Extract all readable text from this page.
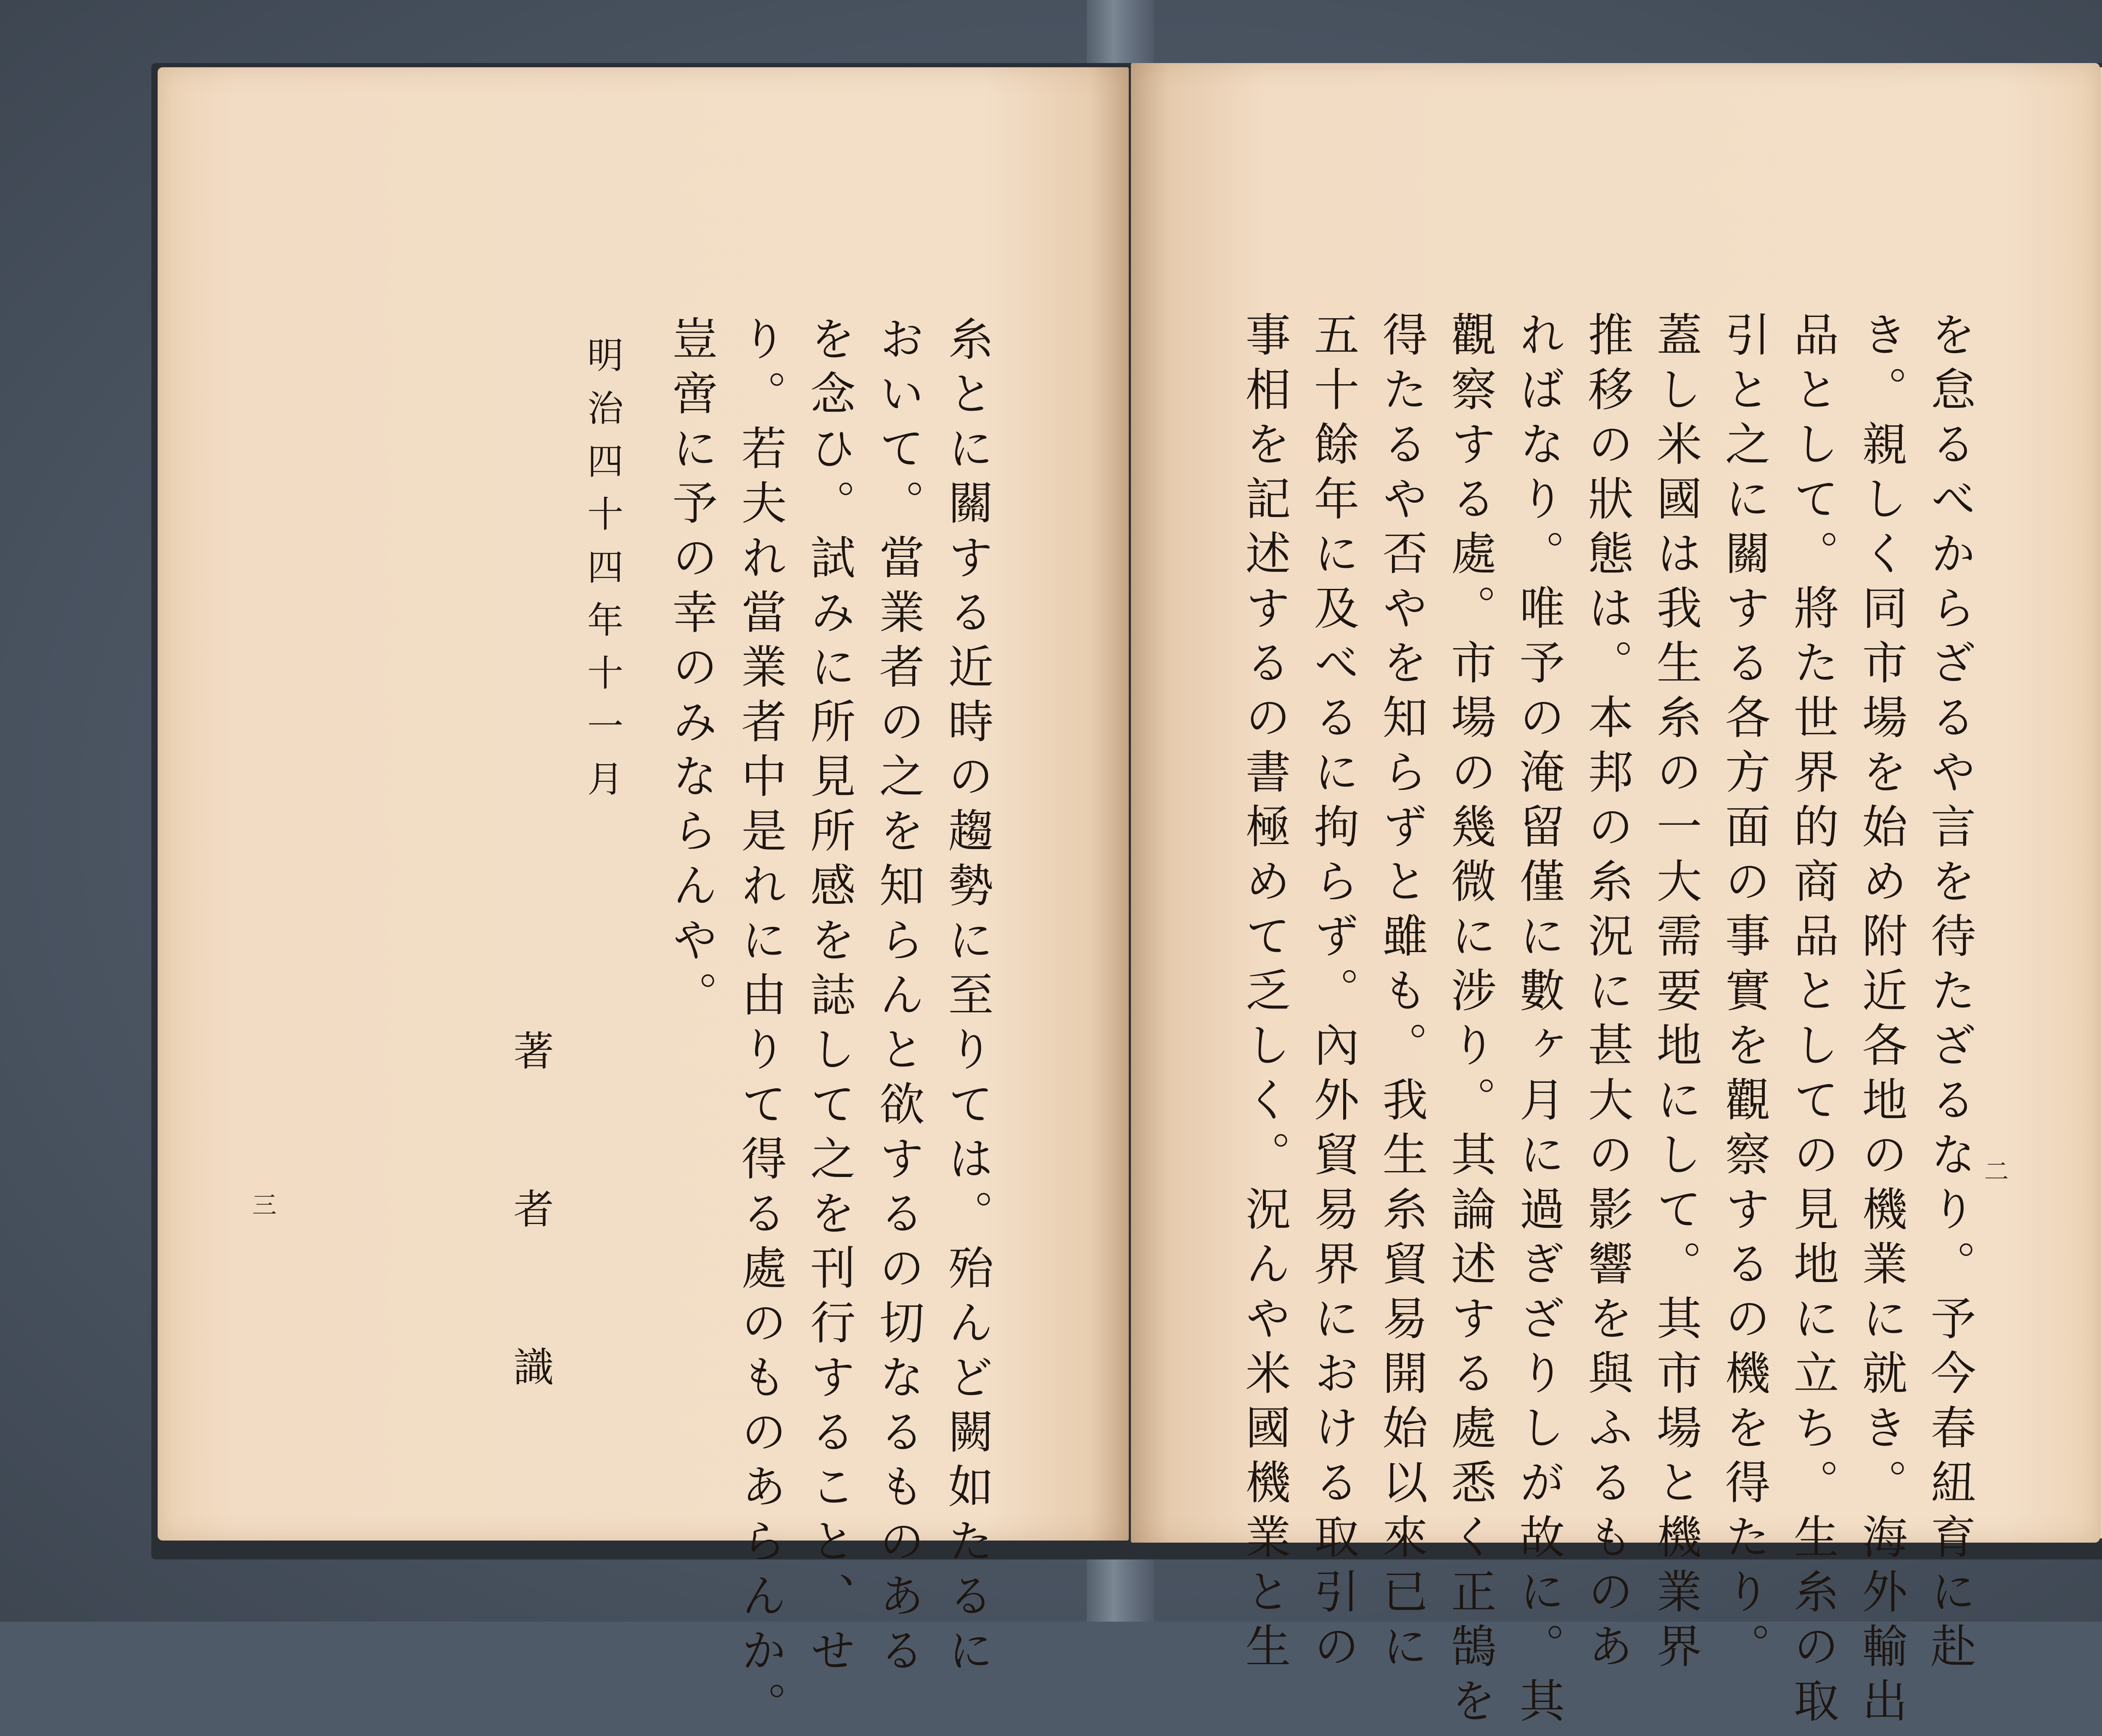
糸とに關する近時の趨勢に至りては。殆んど闕如たるに
おいて。當業者の之を知らんと欲するの切なるものある
を念ひ。試みに所見所感を誌して之を刊行すること、せ
り。若夫れ當業者中是れに由りて得る處のものあらんか。
豈啻に予の幸のみならんや。
明治四十四年十一月
著者識
三	を怠るべからざるや言を待たざるなり。予今春紐育に赴
き。親しく同市場を始め附近各地の機業に就き。海外輸出
品として。將た世界的商品としての見地に立ち。生糸の取
引と之に關する各方面の事實を觀察するの機を得たり。
蓋し米國は我生糸の一大需要地にして。其市場と機業界
推移の狀態は。本邦の糸況に甚大の影響を與ふるものあ
ればなり。唯予の淹留僅に數ヶ月に過ぎざりしが故に。其
觀察する處。市場の幾微に涉り。其論述する處悉く正鵠を
得たるや否やを知らずと雖も。我生糸貿易開始以來已に
五十餘年に及べるに拘らず。內外貿易界における取引の
事相を記述するの書極めて乏しく。況んや米國機業と生	二
